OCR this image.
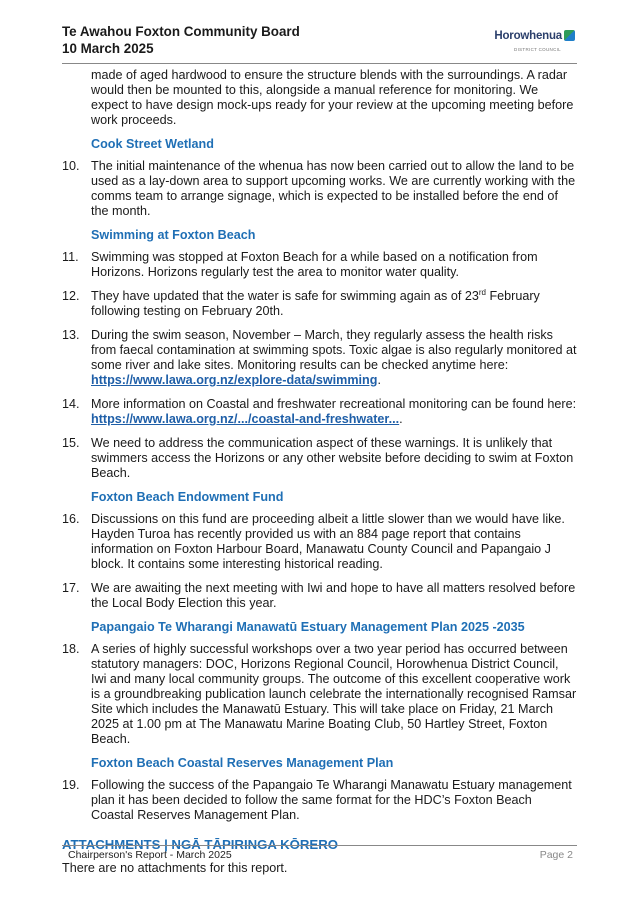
Te Awahou Foxton Community Board
10 March 2025
Horowhenua
DISTRICT COUNCIL

made of aged hardwood to ensure the structure blends with the surroundings. A radar would then be mounted to this, alongside a manual reference for monitoring. We expect to have design mock-ups ready for your review at the upcoming meeting before work proceeds.

Cook Street Wetland
10. The initial maintenance of the whenua has now been carried out to allow the land to be used as a lay-down area to support upcoming works. We are currently working with the comms team to arrange signage, which is expected to be installed before the end of the month.
Swimming at Foxton Beach
11. Swimming was stopped at Foxton Beach for a while based on a notification from Horizons. Horizons regularly test the area to monitor water quality.
12. They have updated that the water is safe for swimming again as of 23rd February following testing on February 20th.
13. During the swim season, November – March, they regularly assess the health risks from faecal contamination at swimming spots. Toxic algae is also regularly monitored at some river and lake sites. Monitoring results can be checked anytime here: https://www.lawa.org.nz/explore-data/swimming.
14. More information on Coastal and freshwater recreational monitoring can be found here: https://www.lawa.org.nz/.../coastal-and-freshwater....
15. We need to address the communication aspect of these warnings. It is unlikely that swimmers access the Horizons or any other website before deciding to swim at Foxton Beach.
Foxton Beach Endowment Fund
16. Discussions on this fund are proceeding albeit a little slower than we would have like. Hayden Turoa has recently provided us with an 884 page report that contains information on Foxton Harbour Board, Manawatu County Council and Papangaio J block. It contains some interesting historical reading.
17. We are awaiting the next meeting with Iwi and hope to have all matters resolved before the Local Body Election this year.
Papangaio Te Wharangi Manawatū Estuary Management Plan 2025 -2035
18. A series of highly successful workshops over a two year period has occurred between statutory managers: DOC, Horizons Regional Council, Horowhenua District Council, Iwi and many local community groups. The outcome of this excellent cooperative work is a groundbreaking publication launch celebrate the internationally recognised Ramsar Site which includes the Manawatū Estuary. This will take place on Friday, 21 March 2025 at 1.00 pm at The Manawatu Marine Boating Club, 50 Hartley Street, Foxton Beach.
Foxton Beach Coastal Reserves Management Plan
19. Following the success of the Papangaio Te Wharangi Manawatu Estuary management plan it has been decided to follow the same format for the HDC’s Foxton Beach Coastal Reserves Management Plan.
ATTACHMENTS | NGĀ TĀPIRINGA KŌRERO
There are no attachments for this report.
Chairperson's Report - March 2025	Page 2
